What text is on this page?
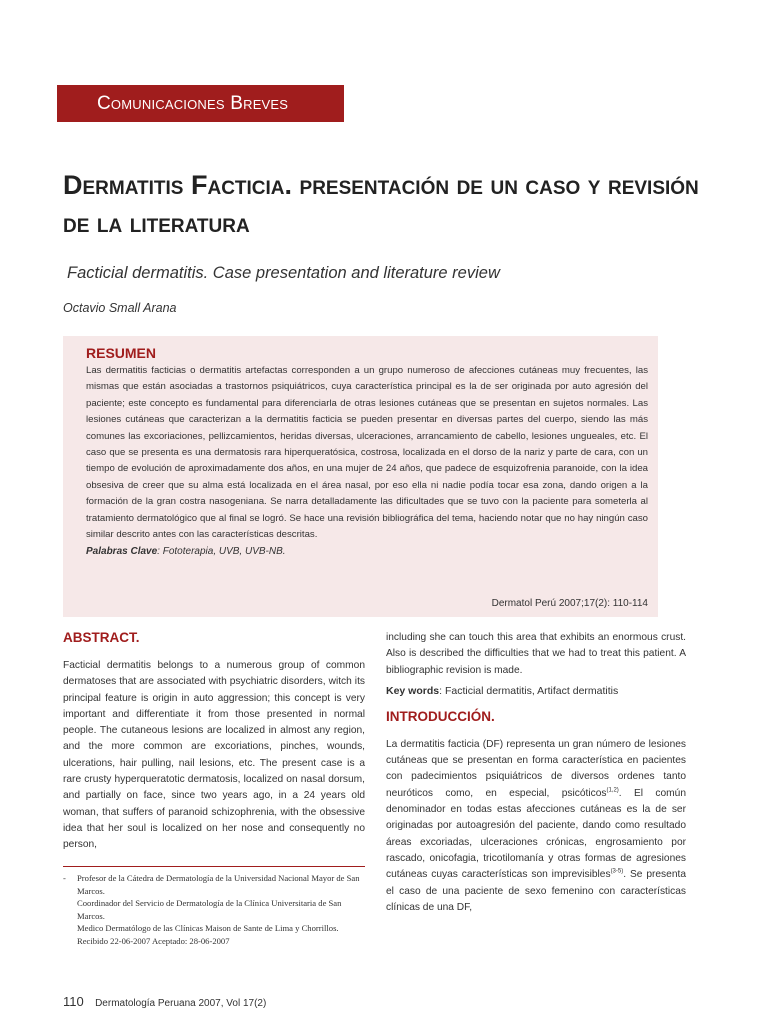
Comunicaciones Breves
Dermatitis Facticia. presentación de un caso y revisión de la literatura
Facticial dermatitis. Case presentation and literature review
Octavio Small Arana
RESUMEN

Las dermatitis facticias o dermatitis artefactas corresponden a un grupo numeroso de afecciones cutáneas muy frecuentes, las mismas que están asociadas a trastornos psiquiátricos, cuya característica principal es la de ser originada por auto agresión del paciente; este concepto es fundamental para diferenciarla de otras lesiones cutáneas que se presentan en sujetos normales. Las lesiones cutáneas que caracterizan a la dermatitis facticia se pueden presentar en diversas partes del cuerpo, siendo las más comunes las excoriaciones, pellizcamientos, heridas diversas, ulceraciones, arrancamiento de cabello, lesiones ungueales, etc. El caso que se presenta es una dermatosis rara hiperqueratósica, costrosa, localizada en el dorso de la nariz y parte de cara, con un tiempo de evolución de aproximadamente dos años, en una mujer de 24 años, que padece de esquizofrenia paranoide, con la idea obsesiva de creer que su alma está localizada en el área nasal, por eso ella ni nadie podía tocar esa zona, dando origen a la formación de la gran costra nasogeniana. Se narra detalladamente las dificultades que se tuvo con la paciente para someterla al tratamiento dermatológico que al final se logró. Se hace una revisión bibliográfica del tema, haciendo notar que no hay ningún caso similar descrito antes con las características descritas.

Palabras Clave: Fototerapia, UVB, UVB-NB.
Dermatol Perú 2007;17(2): 110-114
ABSTRACT.

Facticial dermatitis belongs to a numerous group of common dermatoses that are associated with psychiatric disorders, witch its principal feature is origin in auto aggression; this concept is very important and differentiate it from those presented in normal people. The cutaneous lesions are localized in almost any region, and the more common are excoriations, pinches, wounds, ulcerations, hair pulling, nail lesions, etc. The present case is a rare crusty hyperqueratotic dermatosis, localized on nasal dorsum, and partially on face, since two years ago, in a 24 years old woman, that suffers of paranoid schizophrenia, with the obsessive idea that her soul is localized on her nose and consequently no person,

including she can touch this area that exhibits an enormous crust. Also is described the difficulties that we had to treat this patient. A bibliographic revision is made.

Key words: Facticial dermatitis, Artifact dermatitis
INTRODUCCIÓN.

La dermatitis facticia (DF) representa un gran número de lesiones cutáneas que se presentan en forma característica en pacientes con padecimientos psiquiátricos de diversos ordenes tanto neuróticos como, en especial, psicóticos$^{(1,2)}$. El común denominador en todas estas afecciones cutáneas es la de ser originadas por autoagresión del paciente, dando como resultado áreas excoriadas, ulceraciones crónicas, engrosamiento por rascado, onicofagia, tricotilomanía y otras formas de agresiones cutáneas cuyas características son imprevisibles$^{(3-5)}$. Se presenta el caso de una paciente de sexo femenino con características clínicas de una DF,

- Profesor de la Cátedra de Dermatología de la Universidad Nacional Mayor de San Marcos.
Coordinador del Servicio de Dermatología de la Clínica Universitaria de San Marcos.
Medico Dermatólogo de las Clínicas Maison de Sante de Lima y Chorrillos.
Recibido 22-06-2007 Aceptado: 28-06-2007
110 Dermatología Peruana 2007, Vol 17(2)
